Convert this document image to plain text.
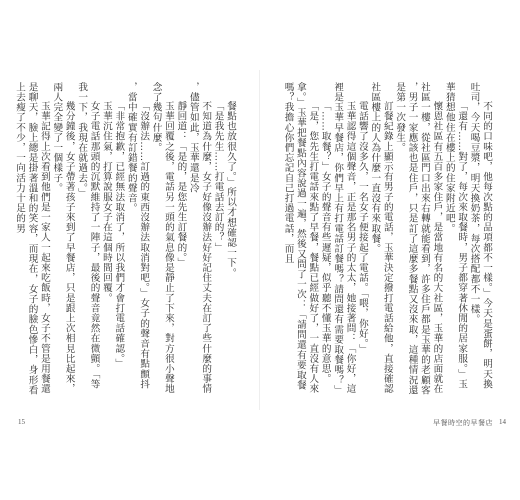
餐點也放很久了。」所以才想確認一下。

「是我先生……打電話去訂的？」

不知道為什麼，女子好像沒辦法好好記住丈夫在訂了些什麼的事情，儘管如此，玉華還是冷

靜回道：「是的，是您先生訂餐的。」

玉華回覆之後，電話另一頭的氣息像是靜止了下來，對方很小聲地念了幾句什麼。

「沒辦法……訂過的東西沒辦法取消對吧。」女子的聲音有點顫抖，當中確實有訂錯餐的聲音。

「非常抱歉，已經無法取消了，所以我們才會打電話確認。」

玉華沉住氣，打算說服女子在這個時間回覆。

女子電話那頭的沉默維持了一陣子，最後的聲音竟然在微顫。「等我一下，我現在就過去。」

幾分鐘後，女子帶著孩子來到了早餐店，只是跟上次相見比起來，兩人完全變了一個樣子。

玉華記得上次看到他們是一家人一起來吃飯時，女子不管是用餐還是聊天，臉上總是掛著溫和的笑容，而現在，女子的臉色慘白，身形看上去瘦了不少，一向活力十足的男

15

不同的口味吧，他每次點的品項都不一樣。」今天是蛋餅，明天換吐司，今天喝豆漿，明天換奶茶，每次搭配都不一樣。

「還有……對了，每次來取餐時，男子都穿著休閒的居家服。」玉華猜想他住在樓上的住家附近吧。

懷恩社區有五百多家住戶，是當地有名的大社區，玉華的店面就在社區一樓，從社區門口出來右轉就能看到，許多住戶都是玉華的老顧客，男子一家應該也是住戶，只是訂了這麼多餐點又沒來取，這種情況還是第一次發生。

訂餐紀錄上顯示有男子的電話，玉華決定撥打電話給他，直接確認社區樓上的人為什麼一直沒有來取餐。

電話響了沒多久，一名女子便接起了電話。「喂，你好。」

玉華認得這個聲音，正是那名男子的太太，她接著問：「你好，這裡是玉華早餐店，你們早上有打電話訂餐嗎？請問還有需要取餐嗎？」

「……取餐？」女子的聲音有些遲疑，似乎聽不懂玉華的意思。

「是，您先生打電話來點了早餐，餐點已經做好了，一直沒有人來拿。」玉華把餐點內容說過一遍，然後又問了一次：「請問還有要取餐嗎？我擔心你們忘記自己打過電話，而且

早餐時空的早餐店 14
